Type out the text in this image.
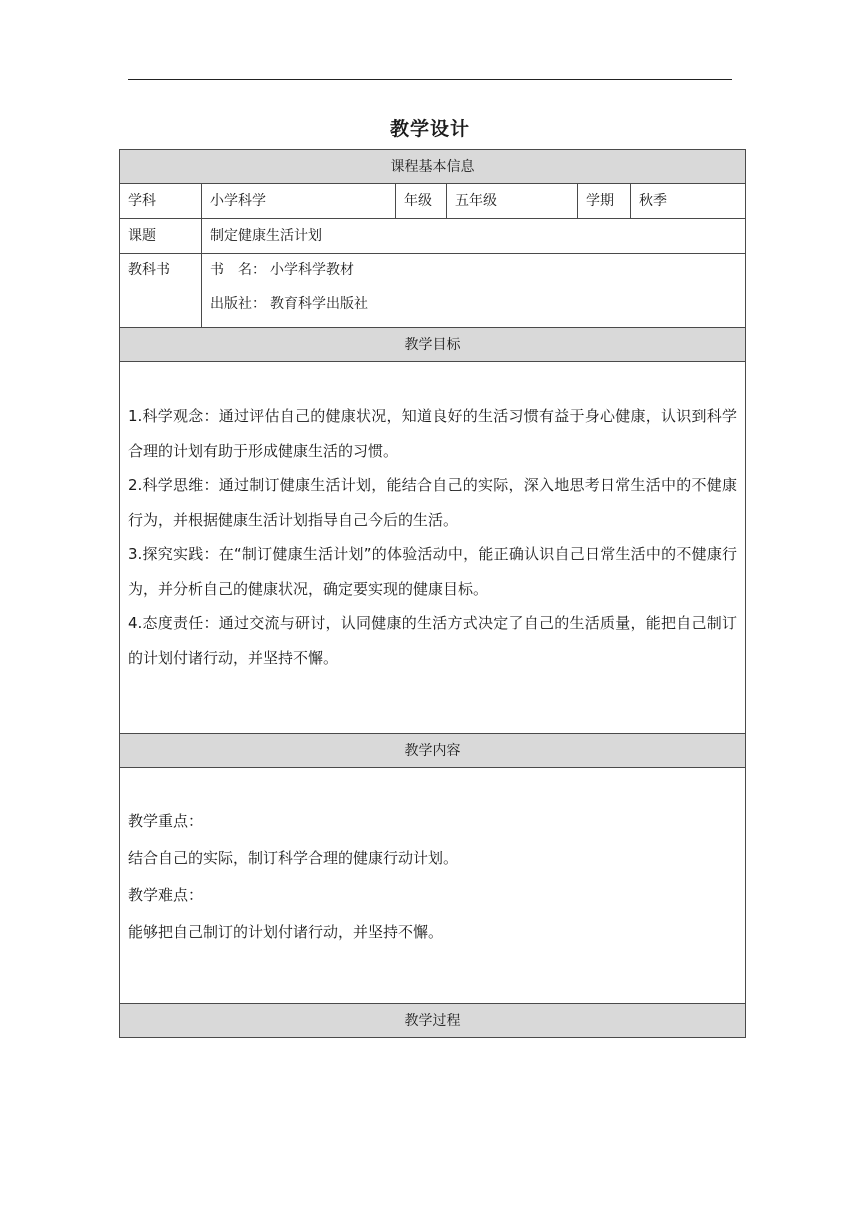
教学设计
课程基本信息					
学科	小学科学	年级	五年级	学期	秋季
课题	制定健康生活计划				
教科书	书　名： 小学科学教材
出版社： 教育科学出版社				

教学目标					

1.科学观念：通过评估自己的健康状况，知道良好的生活习惯有益于身心健康，认识到科学合理的计划有助于形成健康生活的习惯。

2.科学思维：通过制订健康生活计划，能结合自己的实际，深入地思考日常生活中的不健康行为，并根据健康生活计划指导自己今后的生活。

3.探究实践：在“制订健康生活计划”的体验活动中，能正确认识自己日常生活中的不健康行为，并分析自己的健康状况，确定要实现的健康目标。

4.态度责任：通过交流与研讨，认同健康的生活方式决定了自己的生活质量，能把自己制订的计划付诸行动，并坚持不懈。					

教学内容					

教学重点：

结合自己的实际，制订科学合理的健康行动计划。

教学难点：

能够把自己制订的计划付诸行动，并坚持不懈。					

教学过程					
